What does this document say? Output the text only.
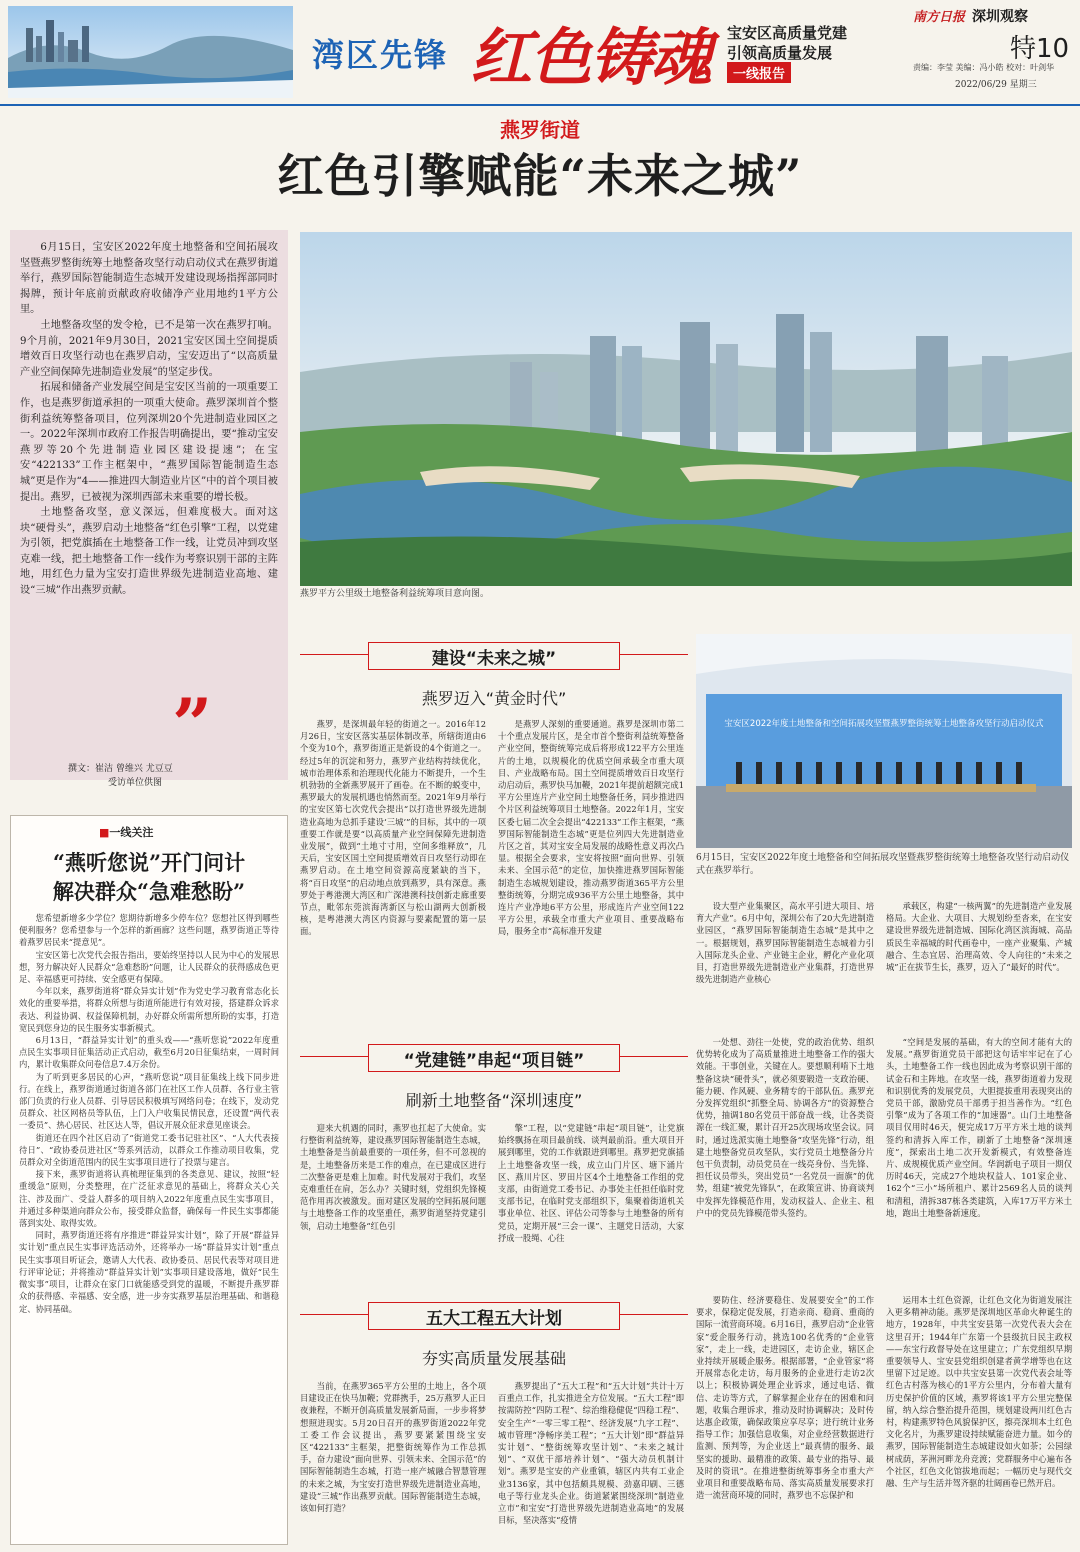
湾区先锋 红色铸魂 宝安区高质量党建
引领高质量发展
一线报告
南方日报 深圳观察
特10
责编：李莹 美编：冯小皓 校对：叶剑华
2022/06/29 星期三
燕罗街道
红色引擎赋能“未来之城”

6月15日，宝安区2022年度土地整备和空间拓展攻坚暨燕罗整街统筹土地整备攻坚行动启动仪式在燕罗街道举行，燕罗国际智能制造生态城开发建设现场指挥部同时揭牌，预计年底前贡献政府收储净产业用地约1平方公里。

土地整备攻坚的发令枪，已不是第一次在燕罗打响。9个月前，2021年9月30日，2021宝安区国土空间提质增效百日攻坚行动也在燕罗启动，宝安迈出了“以高质量产业空间保障先进制造业发展”的坚定步伐。

拓展和储备产业发展空间是宝安区当前的一项重要工作，也是燕罗街道承担的一项重大使命。燕罗深圳首个整街利益统筹整备项目，位列深圳20个先进制造业园区之一。2022年深圳市政府工作报告明确提出，要“推动宝安燕罗等20个先进制造业园区建设提速”；在宝安“422133”工作主框架中，“燕罗国际智能制造生态城”更是作为“4——推进四大制造业片区”中的首个项目被提出。燕罗，已被视为深圳西部未来重要的增长极。

土地整备攻坚，意义深远，但难度极大。面对这块“硬骨头”，燕罗启动土地整备“红色引擎”工程，以党建为引领，把党旗插在土地整备工作一线，让党员冲到攻坚克难一线，把土地整备工作一线作为考察识别干部的主阵地，用红色力量为宝安打造世界级先进制造业高地、建设“三城”作出燕罗贡献。

”
撰文：崔洁 曾维兴 尤豆豆
受访单位供图
■一线关注
“燕听您说”开门问计
解决群众“急难愁盼”

您希望新增多少学位？您期待新增多少停车位？您想社区得到哪些便利服务？您希望参与一个怎样的新画廊？这些问题，燕罗街道正等待着燕罗居民来“提意见”。

宝安区第七次党代会报告指出，要始终坚持以人民为中心的发展思想，努力解决好人民群众“急难愁盼”问题，让人民群众的获得感成色更足、幸福感更可持续、安全感更有保障。

今年以来，燕罗街道将“群众异实计划”作为党史学习教育常态化长效化的重要举措，将群众所想与街道所能进行有效对接，搭建群众诉求表达、利益协调、权益保障机制，办好群众所需所想所盼的实事，打造宽民到您身边的民生服务实事新模式。

6月13日，“群益异实计划”的重头戏——“燕听您说”2022年度重点民生实事项目征集活动正式启动，截至6月20日征集结束，一周时间内，累计收集群众问卷信息7.4万余份。

为了听到更多居民的心声，“燕听您说”项目征集线上线下同步进行。在线上，燕罗街道通过街道各部门在社区工作人员群、各行业主管部门负责的行业人员群、引导居民积极填写网络问卷；在线下，发动党员群众、社区网格员等队伍，上门入户收集民情民意，还设置“两代表一委员”、热心居民、社区达人等，倡议开展众征求意见座谈会。

街道还在四个社区启动了“街道党工委书记驻社区”、“人大代表接待日”、“政协委员进社区”等系列活动，以群众工作推动项目收集，党员群众对全街道范围内的民生实事项目进行了投票与建言。

接下来，燕罗街道将认真梳理征集到的各类意见、建议，按照“轻重缓急”原则，分类整理，在广泛征求意见的基础上，将群众关心关注、涉及面广、受益人群多的项目纳入2022年度重点民生实事项目，并通过多种渠道向群众公布，接受群众监督，确保每一件民生实事都能落到实处、取得实效。

同时，燕罗街道还将有序推进“群益异实计划”，除了开展“群益异实计划”重点民生实事评选活动外，还将举办一场“群益异实计划”重点民生实事项目听证会，邀请人大代表、政协委员、居民代表等对项目进行评审论证；并将推动“群益异实计划”实事项目建设落地，做好“民生微实事”项目，让群众在家门口就能感受到党的温暖，不断提升燕罗群众的获得感、幸福感、安全感，进一步夯实燕罗基层治理基础、和谐稳定、协同基础。

燕罗平方公里级土地整备利益统筹项目意向图。
建设“未来之城”
燕罗迈入“黄金时代”

燕罗，是深圳最年轻的街道之一。2016年12月26日，宝安区落实基层体制改革，所辖街道由6个变为10个，燕罗街道正是新设的4个街道之一。经过5年的沉淀和努力，燕罗产业结构持续优化，城市治理体系和治理现代化能力不断提升，一个生机勃勃的全新燕罗展开了画卷。在不断的蜕变中，燕罗最大的发展机遇也悄然而至。2021年9月举行的宝安区第七次党代会提出“以打造世界级先进制造业高地为总抓手建设‘三城’”的目标，其中的一项重要工作就是要“以高质量产业空间保障先进制造业发展”，做到“土地寸寸用，空间多维释放”，几天后，宝安区国土空间提质增效百日攻坚行动即在燕罗启动。在土地空间资源高度紧缺的当下，将“百日攻坚”的启动地点放到燕罗，具有深意。燕罗处于粤港澳大湾区和广深港澳科技创新走廊重要节点，毗邻东莞滨海湾新区与松山湖两大创新极核，是粤港澳大湾区内资源与要素配置的第一层面。

是燕罗人深刻的重要通道。燕罗是深圳市第二十个重点发展片区，是全市首个整街利益统筹整备产业空间，整街统筹完成后将形成122平方公里连片的土地，以规模化的优质空间承载全市重大项目、产业战略布局。国土空间提质增效百日攻坚行动启动后，燕罗快马加鞭，2021年提前超额完成1平方公里连片产业空间土地整备任务，同步推进四个片区利益统筹项目土地整备。2022年1月，宝安区委七届二次全会提出“422133”工作主框架，“燕罗国际智能制造生态城”更是位列四大先进制造业片区之首，其对宝安全局发展的战略性意义再次凸显。根据全会要求，宝安将按照“面向世界、引领未来、全国示范”的定位，加快推进燕罗国际智能制造生态城规划建设，推动燕罗街道365平方公里整街统筹，分期完成936平方公里土地整备，其中连片产业净地6平方公里，形成连片产业空间122平方公里，承载全市重大产业项目、重要战略布局，服务全市“高标准开发建

设大型产业集聚区，高水平引进大项目、培育大产业”。6月中旬，深圳公布了20大先进制造业园区，“燕罗国际智能制造生态城”是其中之一。根据规划，燕罗国际智能制造生态城着力引入国际龙头企业、产业链主企业，孵化产业化项目，打造世界级先进制造业产业集群，打造世界级先进制造产业核心

承载区，构建“一核两翼”的先进制造产业发展格局。大企业、大项目、大规划纷至沓来，在宝安建设世界级先进制造城、国际化湾区滨海城、高品质民生幸福城的时代画卷中，一座产业聚集、产城融合、生态宜居、治理高效、令人向往的“未来之城”正在拔节生长，燕罗，迈入了“最好的时代”。

宝安区2022年度土地整备和空间拓展攻坚暨燕罗整街统筹土地整备攻坚行动启动仪式
6月15日，宝安区2022年度土地整备和空间拓展攻坚暨燕罗整街统筹土地整备攻坚行动启动仪式在燕罗举行。
“党建链”串起“项目链”
刷新土地整备“深圳速度”

迎来大机遇的同时，燕罗也扛起了大使命。实行整街利益统筹，建设燕罗国际智能制造生态城，土地整备是当前最重要的一项任务，但不可忽视的是，土地整备历来是工作的难点，在已建成区进行二次整备更是难上加难。时代发展对于我们，攻坚克难重任在肩，怎么办？关键时刻，党组织先锋模范作用再次被激发。面对建区发展的空间拓展问题与土地整备工作的攻坚重任，燕罗街道坚持党建引领，启动土地整备“红色引

擎”工程，以“党建链”串起“项目链”，让党旗始终飘扬在项目最前线、谈判最前沿。重大项目开展到哪里，党的工作就跟进到哪里。燕罗把党旗插上土地整备攻坚一线，成立山门片区、塘下涌片区、燕川片区、罗田片区4个土地整备工作组的党支部，由街道党工委书记、办事处主任担任临时党支部书记，在临时党支部组织下，集聚着街道机关事业单位、社区、评估公司等参与土地整备的所有党员，定期开展“三会一课”、主题党日活动，大家抒成一股绳、心往

一处想、劲往一处使，党的政治优势、组织优势转化成为了高质量推进土地整备工作的强大效能。干事创业，关键在人。要想顺利啃下土地整备这块“硬骨头”，就必须要锻造一支政治硬、能力硬、作风硬、业务精专的干部队伍。燕罗充分发挥党组织“抓整全局、协调各方”的资源整合优势，抽调180名党员干部奋战一线，让各类资源在一线汇聚，累计召开25次现场攻坚会议。同时，通过选派实施土地整备“攻坚先锋”行动，组建土地整备党员攻坚队，实行党员土地整备分片包干负责制，动员党员在一线亮身份、当先锋、担任议员带头，突出党员“一名党员一面旗”的优势，组建“被党先锋队”，在政策宣讲、协商谈判中发挥先锋模范作用，发动权益人、企业主、租户中的党员先锋模范带头签约。

“空间是发展的基础，有大的空间才能有大的发展。”燕罗街道党员干部把这句话牢牢记在了心头，土地整备工作一线也因此成为考察识别干部的试金石和主阵地。在攻坚一线，燕罗街道着力发现和识别优秀的发展党员，大胆提拔重用表现突出的党员干部，激励党员干部勇于担当善作为。“红色引擎”成为了各项工作的“加速器”。山门土地整备项目仅用时46天，便完成17万平方米土地的谈判签约和清拆入库工作，刷新了土地整备“深圳速度”，探索出土地二次开发新模式，有效整备连片、成规模优质产业空间。华润新电子项目一期仅历时46天，完成27个地块权益人、101家企业、162个“三小”场所租户、累计2569名人员的谈判和清租，清拆387栋各类建筑，入库17万平方米土地，跑出土地整备新速度。

五大工程五大计划
夯实高质量发展基础

当前，在燕罗365平方公里的土地上，各个项目建设正在快马加鞭；党群携手，25万燕罗人正日夜兼程，不断开创高质量发展新局面，一步步将梦想照进现实。5月20日召开的燕罗街道2022年党工委工作会议提出，燕罗要紧紧围绕宝安区“422133”主框架，把整街统筹作为工作总抓手，奋力建设“面向世界、引领未来、全国示范”的国际智能制造生态城，打造一座产城融合智慧管理的未来之城，为宝安打造世界级先进制造业高地，建设“三城”作出燕罗贡献。国际智能制造生态城，该如何打造？

燕罗提出了“五大工程”和“五大计划”共计十万百重点工作，扎实推进全方位发展。“五大工程”即按需防控“四防工程”、综治维稳健促“四稳工程”、安全生产“一零三零工程”、经济发展“九字工程”、城市管理“净畅序美工程”；“五大计划”即“群益异实计划”、“整街统筹攻坚计划”、“未来之城计划”、“双优干部培养计划”、“强大动员机制计划”。燕罗是宝安的产业重镇，辖区内共有工业企业3136家，其中包括颇具规模、劲嘉印刷、三德电子等行业龙头企业。街道紧紧围绕深圳“制造业立市”和宝安“打造世界级先进制造业高地”的发展目标，坚决落实“疫情

要防住、经济要稳住、发展要安全”的工作要求，保稳定促发展，打造亲商、稳商、重商的国际一流营商环境。6月16日，燕罗启动“企业管家”爱企服务行动，挑选100名优秀的“企业管家”，走上一线，走进园区，走访企业，辖区企业持续开展暖企服务。根据部署，“企业管家”将开展常态化走访，每月服务的企业进行走访2次以上；积极协调处理企业诉求，通过电话、微信、走访等方式，了解掌握企业存在的困难和问题，收集合理诉求，推动及时协调解决；及时传达惠企政策，确保政策应享尽享；进行统计业务指导工作；加强信息收集，对企业经营数据进行监测、预判等，为企业送上“最真情的服务、最坚实的援助、最精准的政策、最专业的指导、最及时的资讯”。在推进整街统筹事务全市重大产业项目和重要战略布局、落实高质量发展要求打造一流营商环境的同时，燕罗也不忘保护和

运用本土红色资源，让红色文化为街道发展注入更多精神动能。燕罗是深圳地区革命火种诞生的地方，1928年，中共宝安县第一次党代表大会在这里召开；1944年广东第一个县级抗日民主政权——东宝行政督导处在这里建立；广东党组织早期重要领导人、宝安县党组织创建者黄学增等也在这里留下过足迹。以中共宝安县第一次党代表会址等红色古村落为核心的1平方公里内，分布着大量有历史保护价值的区域，燕罗将该1平方公里完整保留，纳入综合整治提升范围，规划建设两川红色古村，构建燕罗特色风貌保护区，擦亮深圳本土红色文化名片，为燕罗建设持续赋能奋进力量。如今的燕罗，国际智能制造生态城建设如火如荼；公园绿树成荫，茅洲河畔龙舟竞渡；党群服务中心遍布各个社区，红色文化馆拔地而起；一幅历史与现代交融、生产与生活并驾齐驱的壮阔画卷已然开启。
